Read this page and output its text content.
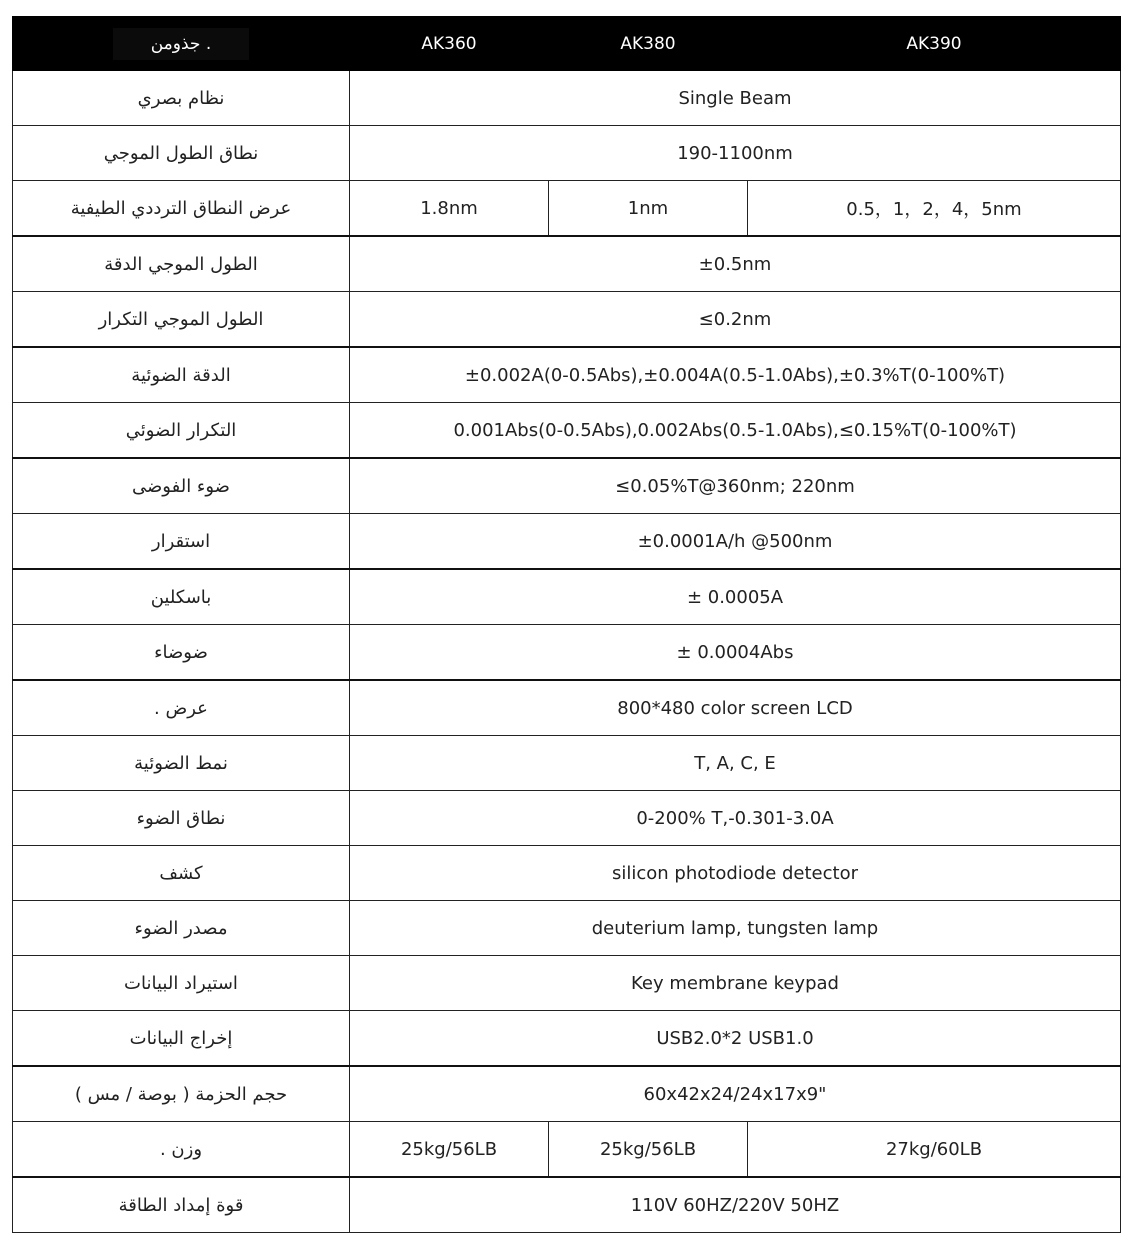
جذومن .	AK360	AK380	AK390
نظام بصري	Single Beam		
نطاق الطول الموجي	190-1100nm		
عرض النطاق الترددي الطيفية	1.8nm	1nm	0.5，1，2，4，5nm
الطول الموجي الدقة	±0.5nm		
الطول الموجي التكرار	≤0.2nm		
الدقة الضوئية	±0.002A(0-0.5Abs),±0.004A(0.5-1.0Abs),±0.3%T(0-100%T)		
التكرار الضوئي	0.001Abs(0-0.5Abs),0.002Abs(0.5-1.0Abs),≤0.15%T(0-100%T)		
ضوء الفوضى	≤0.05%T@360nm; 220nm		
استقرار	±0.0001A/h @500nm		
باسكلين	± 0.0005A		
ضوضاء	± 0.0004Abs		
عرض .	800*480 color screen LCD		
نمط الضوئية	T, A, C, E		
نطاق الضوء	0-200% T,-0.301-3.0A		
كشف	silicon photodiode detector		
مصدر الضوء	deuterium lamp, tungsten lamp		
استيراد البيانات	Key membrane keypad		
إخراج البيانات	USB2.0*2 USB1.0		
حجم الحزمة ( بوصة / مس )	60x42x24/24x17x9"		
وزن .	25kg/56LB	25kg/56LB	27kg/60LB
قوة إمداد الطاقة	110V 60HZ/220V 50HZ		
